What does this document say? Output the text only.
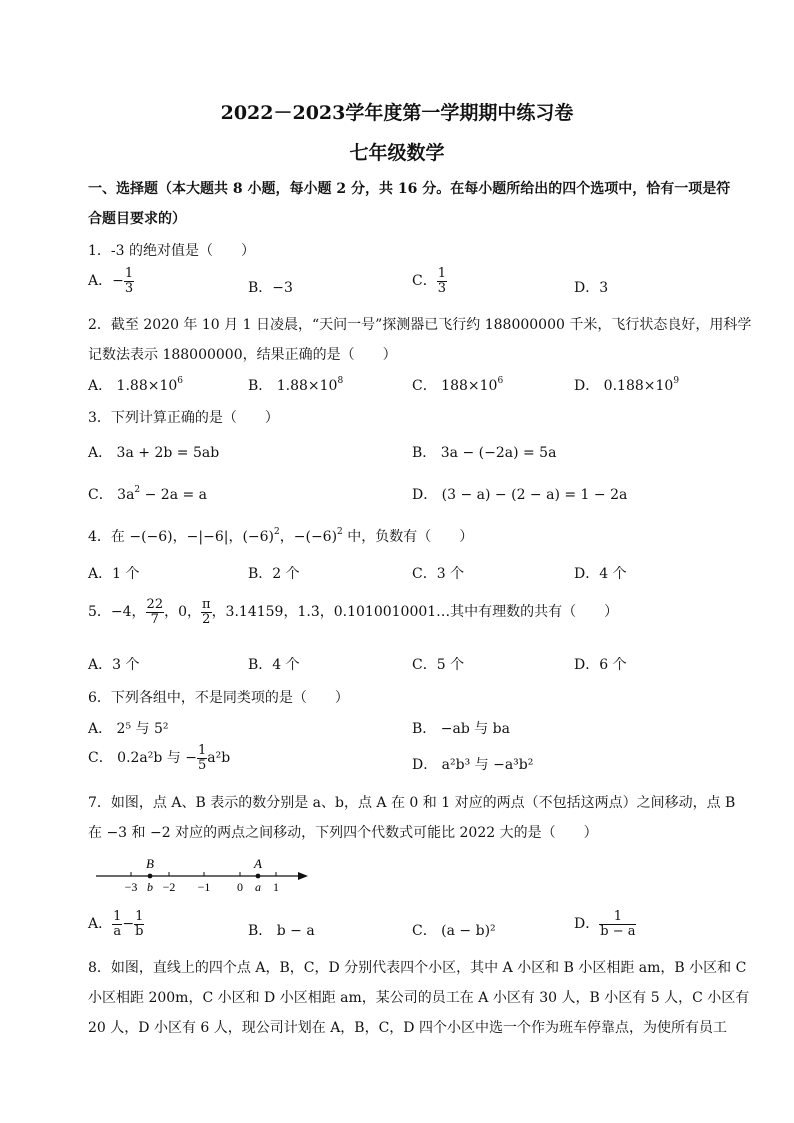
2022－2023学年度第一学期期中练习卷
七年级数学
一、选择题（本大题共 8 小题，每小题 2 分，共 16 分。在每小题所给出的四个选项中，恰有一项是符
合题目要求的）
1．-3 的绝对值是（　　）
A．− $\frac{1}{3}$	B．−3	C． $\frac{1}{3}$	D．3
2．截至 2020 年 10 月 1 日凌晨，“天问一号”探测器已飞行约 188000000 千米，飞行状态良好，用科学
记数法表示 188000000，结果正确的是（　　）
A． $1.88\times 10^6$	B． $1.88\times 10^8$	C． $188\times 10^6$	D． $0.188\times 10^9$
3．下列计算正确的是（　　）
A． 3a + 2b = 5ab	B． 3a − (−2a) = 5a
C． $3a^2 - 2a = a$	D． (3 − a) − (2 − a) = 1 − 2a
4．在 −(−6)，−|−6|，$(-6)^2$，$-(-6)^2$ 中，负数有（　　）
A．1 个	B．2 个	C．3 个	D．4 个
5．−4， $\frac{22}{7}$ ，0， $\frac{\pi}{2}$ ，3.14159，1.3̇，0.1010010001…其中有理数的共有（　　）
A．3 个	B．4 个	C．5 个	D．6 个
6．下列各组中，不是同类项的是（　　）
A． 2⁵ 与 5²	B． −ab 与 ba
C． 0.2a²b 与 − $\frac{1}{5} a^2b$	D． a²b³ 与 −a³b²
7．如图，点 A、B 表示的数分别是 a、b，点 A 在 0 和 1 对应的两点（不包括这两点）之间移动，点 B
在 −3 和 −2 对应的两点之间移动，下列四个代数式可能比 2022 大的是（　　）
B	A
−3 b −2 −1 0 a 1
A． $\frac{1}{a} - \frac{1}{b}$	B． b − a	C． (a − b)²	D． $\frac{1}{b - a}$
8．如图，直线上的四个点 A，B，C，D 分别代表四个小区，其中 A 小区和 B 小区相距 am，B 小区和 C
小区相距 200m，C 小区和 D 小区相距 am，某公司的员工在 A 小区有 30 人，B 小区有 5 人，C 小区有
20 人，D 小区有 6 人，现公司计划在 A，B，C，D 四个小区中选一个作为班车停靠点，为使所有员工
